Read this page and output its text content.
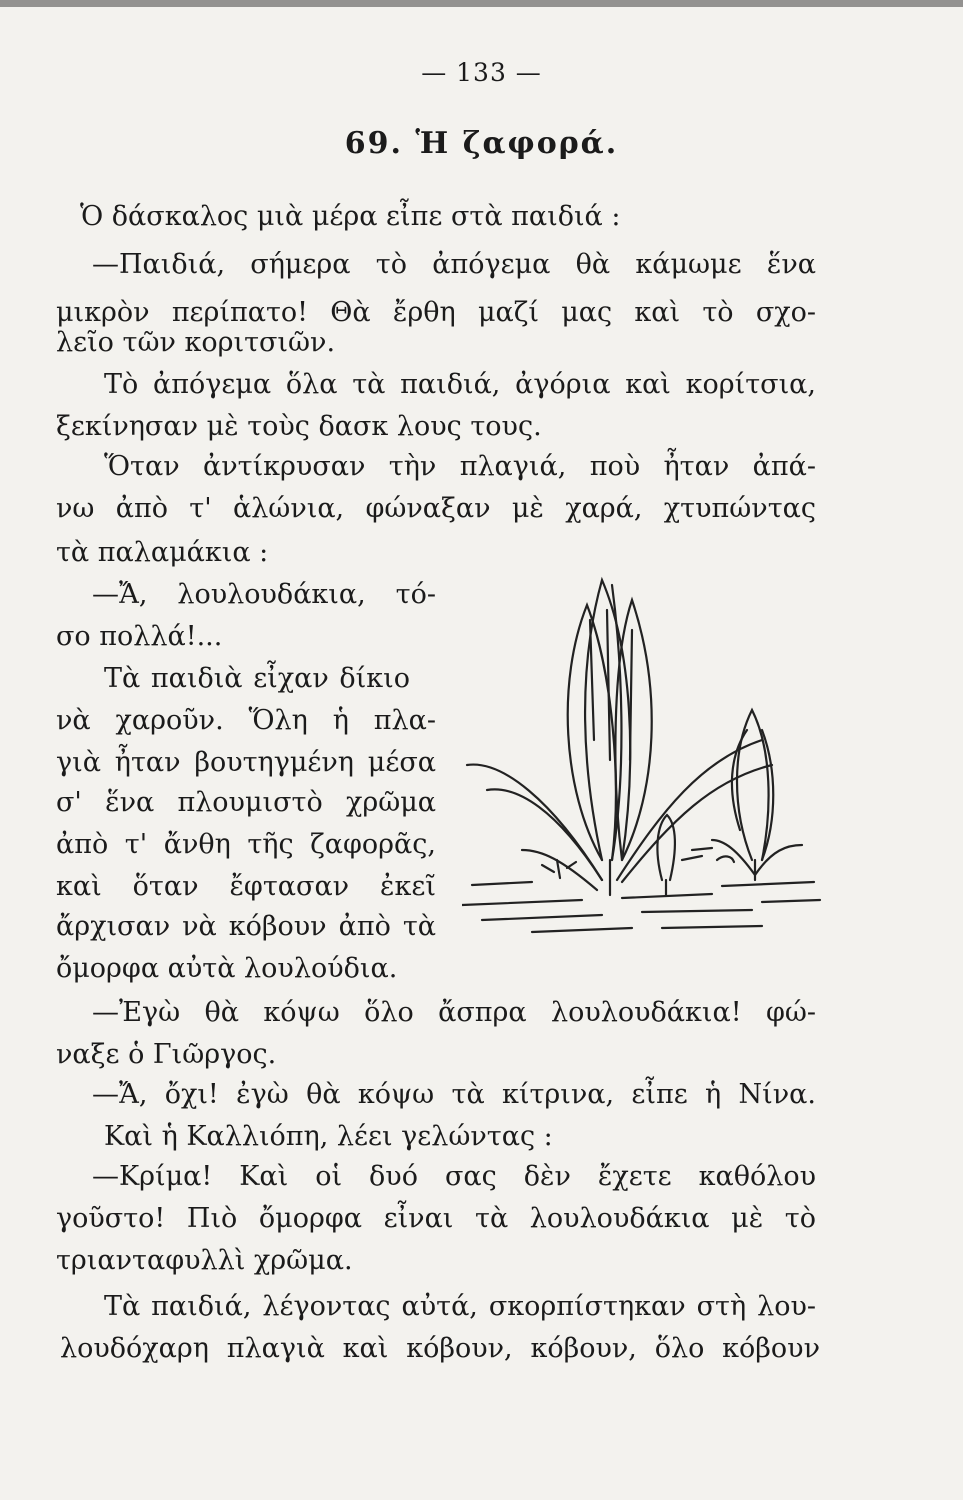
— 133 —
69. Ἡ ζαφορά.
Ὁ δάσκαλος μιὰ μέρα εἶπε στὰ παιδιά :
—Παιδιά, σήμερα τὸ ἀπόγεμα θὰ κάμωμε ἕνα
μικρὸν περίπατο! Θὰ ἔρθη μαζί μας καὶ τὸ σχο-
λεῖο τῶν κοριτσιῶν.
Τὸ ἀπόγεμα ὅλα τὰ παιδιά, ἀγόρια καὶ κορίτσια,
ξεκίνησαν μὲ τοὺς δασκ λους τους.
Ὅταν ἀντίκρυσαν τὴν πλαγιά, ποὺ ἦταν ἀπά-
νω ἀπὸ τ' ἁλώνια, φώναξαν μὲ χαρά, χτυπώντας
τὰ παλαμάκια :
—Ἄ, λουλουδάκια, τό-
σο πολλά!...
Τὰ παιδιὰ εἶχαν δίκιο
νὰ χαροῦν. Ὅλη ἡ πλα-
γιὰ ἦταν βουτηγμένη μέσα
σ' ἕνα πλουμιστὸ χρῶμα
ἀπὸ τ' ἄνθη τῆς ζαφορᾶς,
καὶ ὅταν ἔφτασαν ἐκεῖ
ἄρχισαν νὰ κόβουν ἀπὸ τὰ
ὄμορφα αὐτὰ λουλούδια.
—Ἐγὼ θὰ κόψω ὅλο ἄσπρα λουλουδάκια! φώ-
ναξε ὁ Γιῶργος.
—Ἄ, ὄχι! ἐγὼ θὰ κόψω τὰ κίτρινα, εἶπε ἡ Νίνα.
Καὶ ἡ Καλλιόπη, λέει γελώντας :
—Κρίμα! Καὶ οἱ δυό σας δὲν ἔχετε καθόλου
γοῦστο! Πιὸ ὄμορφα εἶναι τὰ λουλουδάκια μὲ τὸ
τριανταφυλλὶ χρῶμα.
Τὰ παιδιά, λέγοντας αὐτά, σκορπίστηκαν στὴ λου-
λουδόχαρη πλαγιὰ καὶ κόβουν, κόβουν, ὅλο κόβουν
